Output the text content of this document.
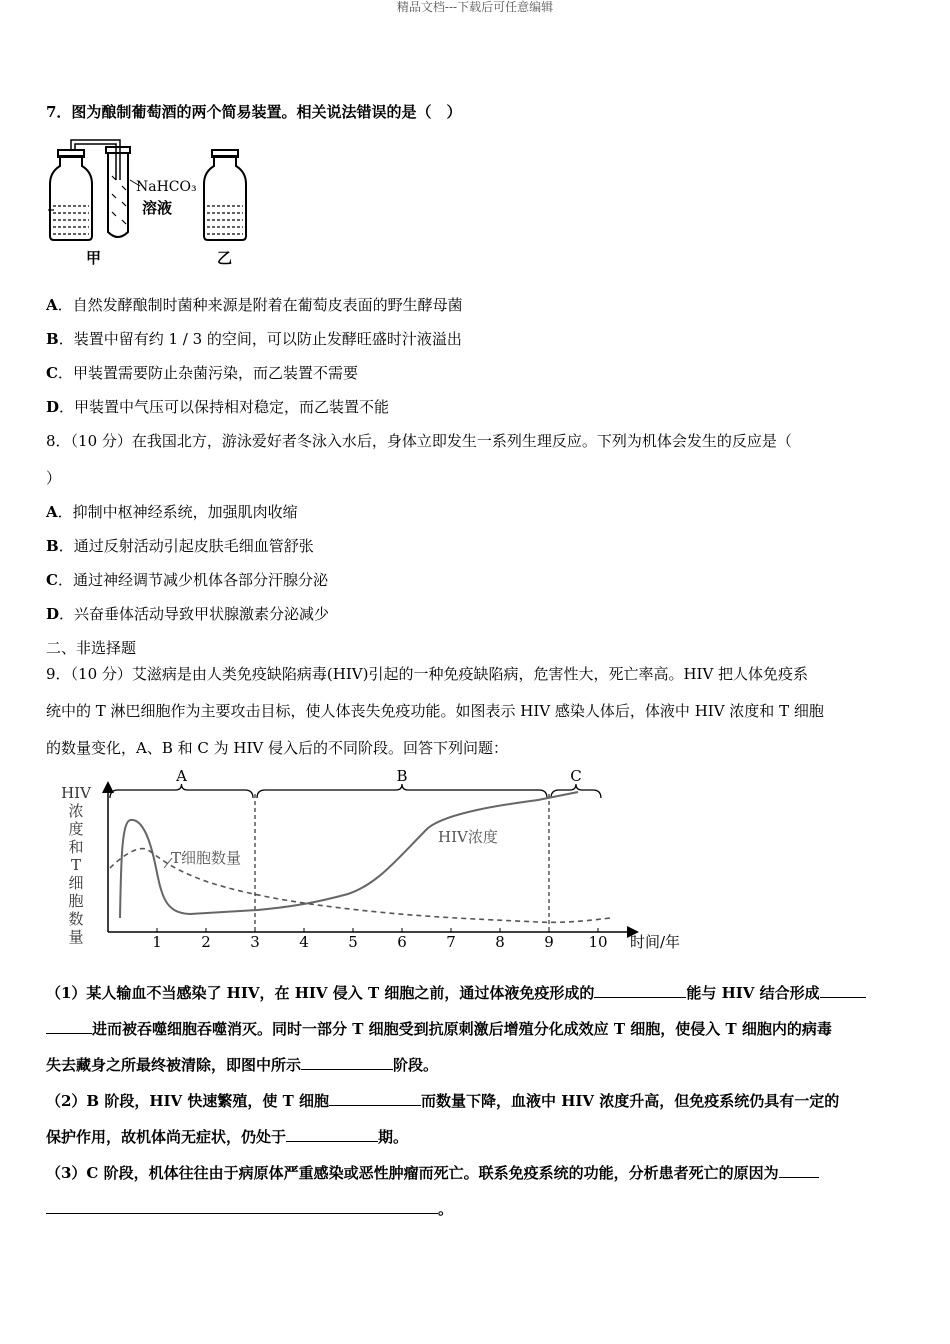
精品文档---下载后可任意编辑
7．图为酿制葡萄酒的两个简易装置。相关说法错误的是（　）
NaHCO₃
溶液
甲	乙
A．自然发酵酿制时菌种来源是附着在葡萄皮表面的野生酵母菌
B．装置中留有约 1 / 3 的空间，可以防止发酵旺盛时汁液溢出
C．甲装置需要防止杂菌污染，而乙装置不需要
D．甲装置中气压可以保持相对稳定，而乙装置不能
8．（10 分）在我国北方，游泳爱好者冬泳入水后，身体立即发生一系列生理反应。下列为机体会发生的反应是（
）
A．抑制中枢神经系统，加强肌肉收缩
B．通过反射活动引起皮肤毛细血管舒张
C．通过神经调节减少机体各部分汗腺分泌
D．兴奋垂体活动导致甲状腺激素分泌减少
二、非选择题
9．（10 分）艾滋病是由人类免疫缺陷病毒(HIV)引起的一种免疫缺陷病，危害性大，死亡率高。HIV 把人体免疫系
统中的 T 淋巴细胞作为主要攻击目标，使人体丧失免疫功能。如图表示 HIV 感染人体后，体液中 HIV 浓度和 T 细胞
的数量变化，A、B 和 C 为 HIV 侵入后的不同阶段。回答下列问题：
HIV
浓
度
和
T
细
胞
数
量	时间/年
1	2	3	4	5	6	7	8	9 10
A	B	C
T细胞数量
HIV浓度
（1）某人输血不当感染了 HIV，在 HIV 侵入 T 细胞之前，通过体液免疫形成的	能与 HIV 结合形成
进而被吞噬细胞吞噬消灭。同时一部分 T 细胞受到抗原刺激后增殖分化成效应 T 细胞，使侵入 T 细胞内的病毒
失去藏身之所最终被清除，即图中所示	阶段。
（2）B 阶段，HIV 快速繁殖，使 T 细胞	而数量下降，血液中 HIV 浓度升高，但免疫系统仍具有一定的
保护作用，故机体尚无症状，仍处于	期。
（3）C 阶段，机体往往由于病原体严重感染或恶性肿瘤而死亡。联系免疫系统的功能，分析患者死亡的原因为
。
